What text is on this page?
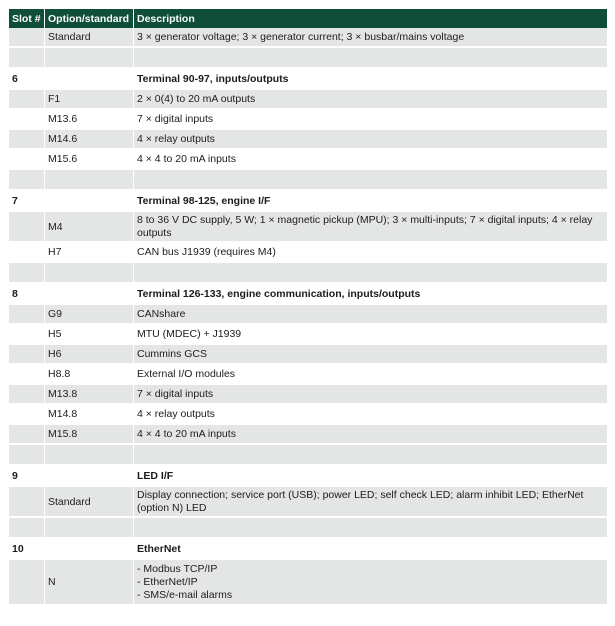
Slot #	Option/standard	Description
	Standard	3 × generator voltage; 3 × generator current; 3 × busbar/mains voltage

6		Terminal 90-97, inputs/outputs
	F1	2 × 0(4) to 20 mA outputs
	M13.6	7 × digital inputs
	M14.6	4 × relay outputs
	M15.6	4 × 4 to 20 mA inputs

7		Terminal 98-125, engine I/F
	M4	8 to 36 V DC supply, 5 W; 1 × magnetic pickup (MPU); 3 × multi-inputs; 7 × digital inputs; 4 × relay outputs
	H7	CAN bus J1939 (requires M4)

8		Terminal 126-133, engine communication, inputs/outputs
	G9	CANshare
	H5	MTU (MDEC) + J1939
	H6	Cummins GCS
	H8.8	External I/O modules
	M13.8	7 × digital inputs
	M14.8	4 × relay outputs
	M15.8	4 × 4 to 20 mA inputs

9		LED I/F
	Standard	Display connection; service port (USB); power LED; self check LED; alarm inhibit LED; EtherNet (option N) LED

10		EtherNet
	N	- Modbus TCP/IP
- EtherNet/IP
- SMS/e-mail alarms
